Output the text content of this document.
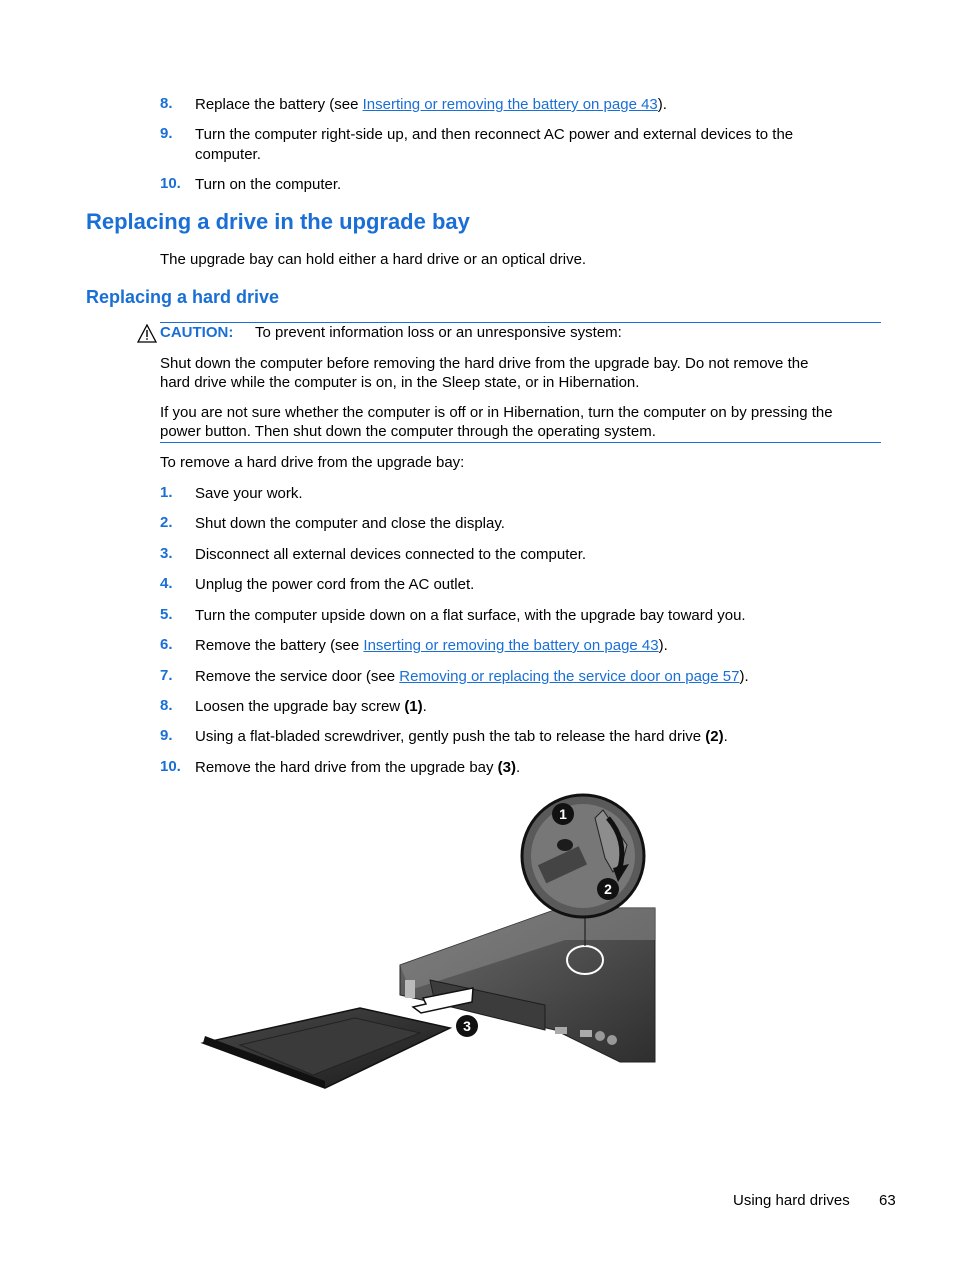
8. Replace the battery (see Inserting or removing the battery on page 43).
9. Turn the computer right-side up, and then reconnect AC power and external devices to the
computer.
10. Turn on the computer.
Replacing a drive in the upgrade bay
The upgrade bay can hold either a hard drive or an optical drive.
Replacing a hard drive
CAUTION: To prevent information loss or an unresponsive system:
Shut down the computer before removing the hard drive from the upgrade bay. Do not remove the
hard drive while the computer is on, in the Sleep state, or in Hibernation.
If you are not sure whether the computer is off or in Hibernation, turn the computer on by pressing the
power button. Then shut down the computer through the operating system.
To remove a hard drive from the upgrade bay:
1. Save your work.
2. Shut down the computer and close the display.
3. Disconnect all external devices connected to the computer.
4. Unplug the power cord from the AC outlet.
5. Turn the computer upside down on a flat surface, with the upgrade bay toward you.
6. Remove the battery (see Inserting or removing the battery on page 43).
7. Remove the service door (see Removing or replacing the service door on page 57).
8. Loosen the upgrade bay screw (1).
9. Using a flat-bladed screwdriver, gently push the tab to release the hard drive (2).
10. Remove the hard drive from the upgrade bay (3).
1
2
3
Using hard drives 63
